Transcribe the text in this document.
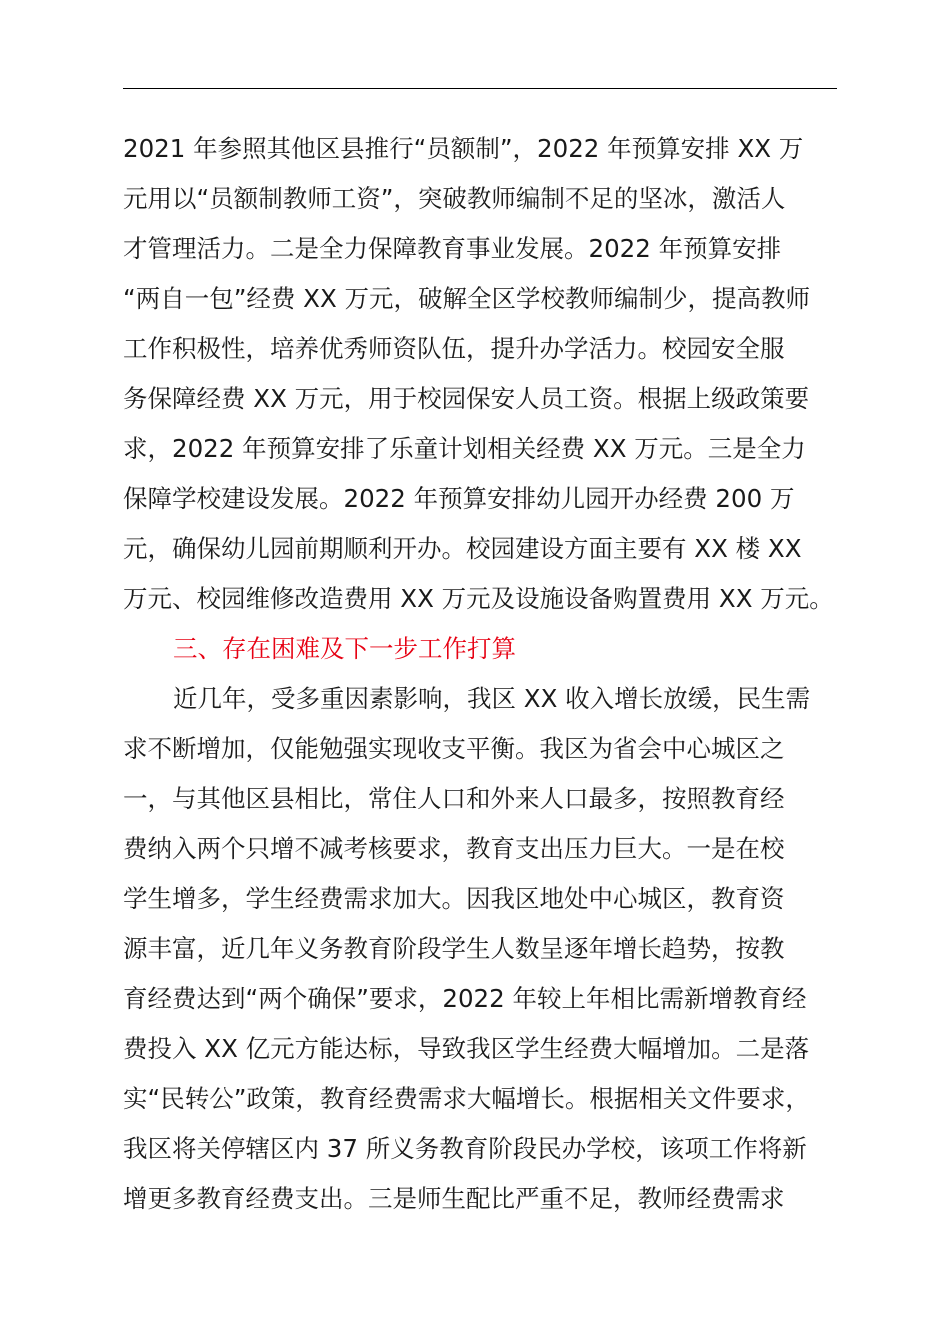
2021 年参照其他区县推行“员额制”，2022 年预算安排 XX 万
元用以“员额制教师工资”，突破教师编制不足的坚冰，激活人
才管理活力。二是全力保障教育事业发展。2022 年预算安排
“两自一包”经费 XX 万元，破解全区学校教师编制少，提高教师
工作积极性，培养优秀师资队伍，提升办学活力。校园安全服
务保障经费 XX 万元，用于校园保安人员工资。根据上级政策要
求，2022 年预算安排了乐童计划相关经费 XX 万元。三是全力
保障学校建设发展。2022 年预算安排幼儿园开办经费 200 万
元，确保幼儿园前期顺利开办。校园建设方面主要有 XX 楼 XX
万元、校园维修改造费用 XX 万元及设施设备购置费用 XX 万元。
三、存在困难及下一步工作打算
近几年，受多重因素影响，我区 XX 收入增长放缓，民生需
求不断增加，仅能勉强实现收支平衡。我区为省会中心城区之
一，与其他区县相比，常住人口和外来人口最多，按照教育经
费纳入两个只增不减考核要求，教育支出压力巨大。一是在校
学生增多，学生经费需求加大。因我区地处中心城区，教育资
源丰富，近几年义务教育阶段学生人数呈逐年增长趋势，按教
育经费达到“两个确保”要求，2022 年较上年相比需新增教育经
费投入 XX 亿元方能达标，导致我区学生经费大幅增加。二是落
实“民转公”政策，教育经费需求大幅增长。根据相关文件要求，
我区将关停辖区内 37 所义务教育阶段民办学校，该项工作将新
增更多教育经费支出。三是师生配比严重不足，教师经费需求
